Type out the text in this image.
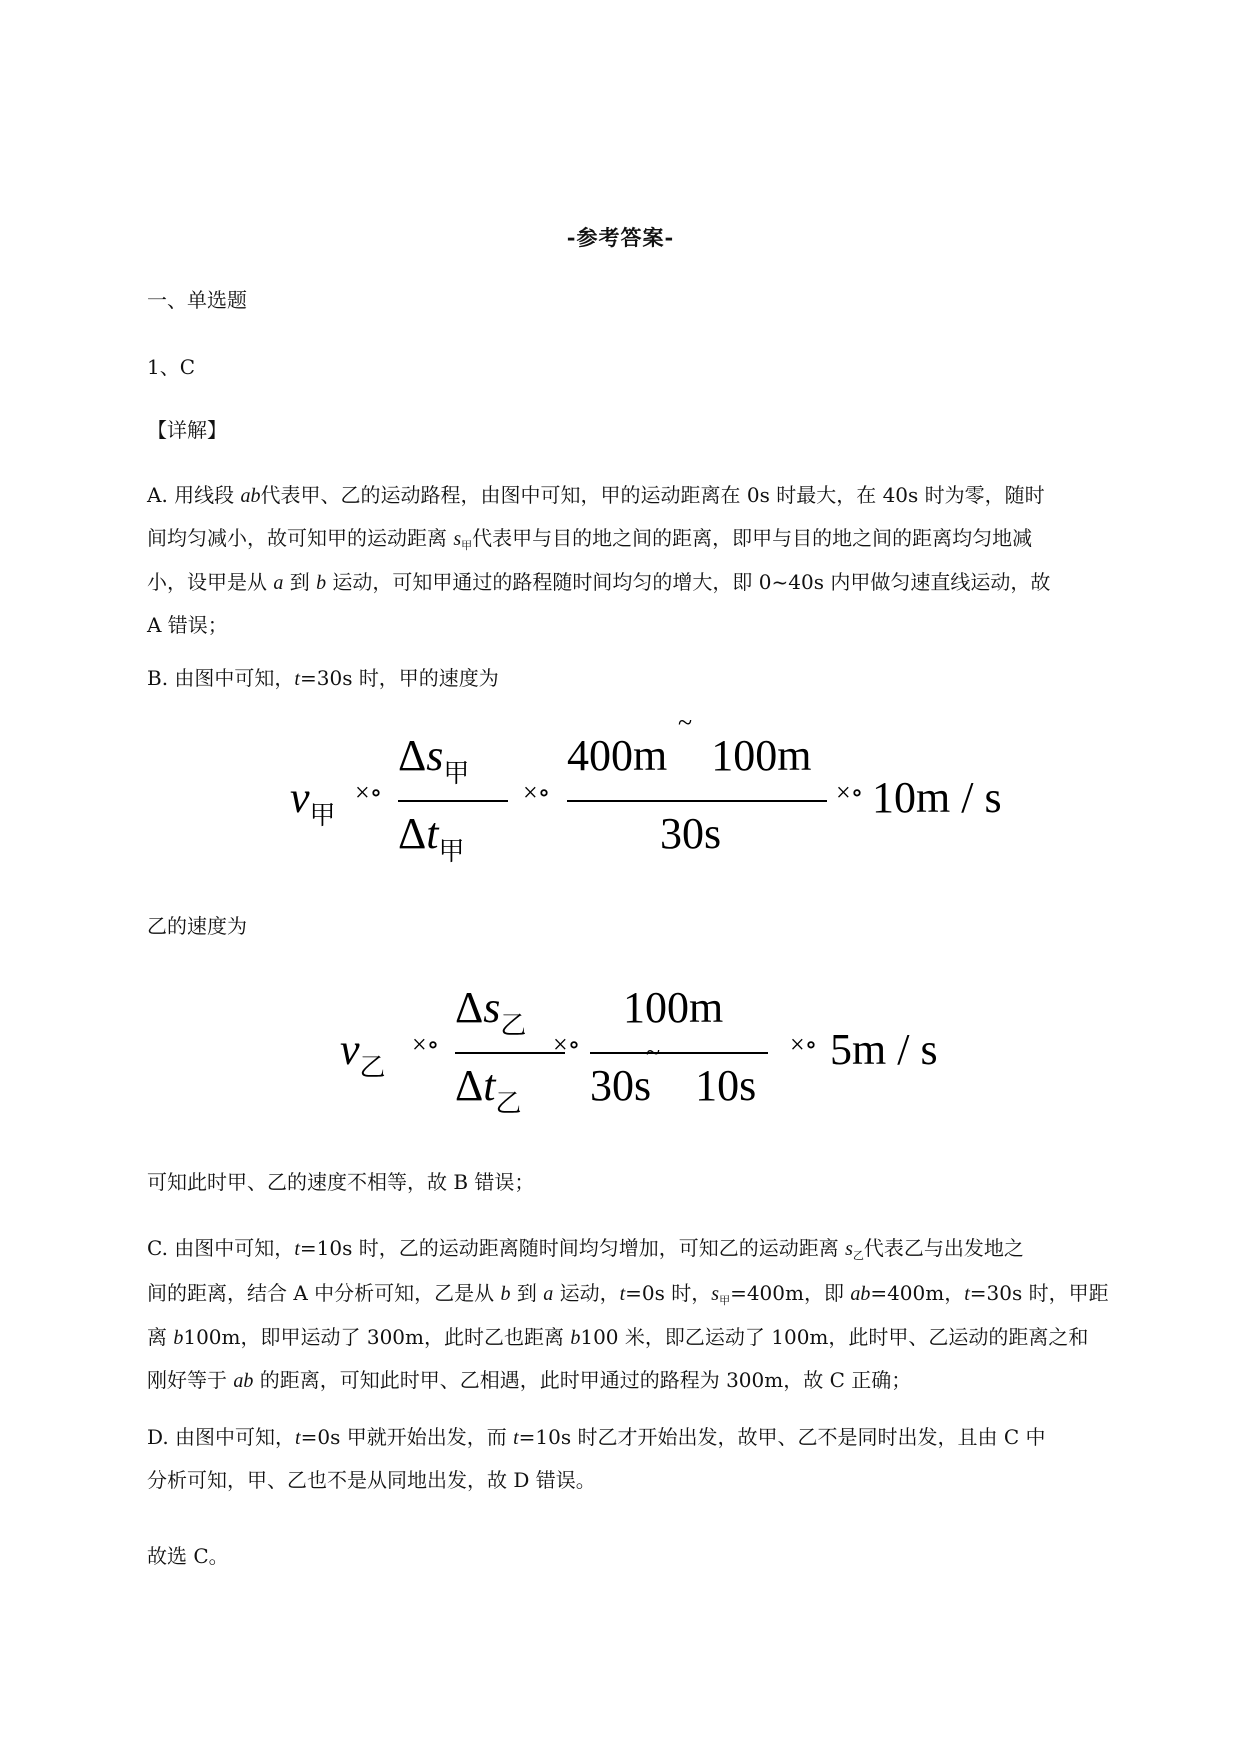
-参考答案-
一、单选题
1、C
【详解】
A. 用线段 ab代表甲、乙的运动路程，由图中可知，甲的运动距离在 0s 时最大，在 40s 时为零，随时
间均匀减小，故可知甲的运动距离 $s_甲$代表甲与目的地之间的距离，即甲与目的地之间的距离均匀地减
小，设甲是从 a 到 b 运动，可知甲通过的路程随时间均匀的增大，即 0~40s 内甲做匀速直线运动，故
A 错误；
B. 由图中可知，t=30s 时，甲的速度为
$v_甲$
×∘
$\Delta s_甲$
$\Delta t_甲$
×∘
400m    100m
~
30s
×∘ 10m / s
乙的速度为
$v_乙$
×∘
$\Delta s_乙$
$\Delta t_乙$
×∘
100m
30s    10s
~	×∘ 5m / s
可知此时甲、乙的速度不相等，故 B 错误；
C. 由图中可知，t=10s 时，乙的运动距离随时间均匀增加，可知乙的运动距离 $s_乙$代表乙与出发地之
间的距离，结合 A 中分析可知，乙是从 b 到 a 运动，t=0s 时，$s_甲=400m$，即 ab=400m，t=30s 时，甲距
离 b100m，即甲运动了 300m，此时乙也距离 b100 米，即乙运动了 100m，此时甲、乙运动的距离之和
刚好等于 ab 的距离，可知此时甲、乙相遇，此时甲通过的路程为 300m，故 C 正确；
D. 由图中可知，t=0s 甲就开始出发，而 t=10s 时乙才开始出发，故甲、乙不是同时出发，且由 C 中
分析可知，甲、乙也不是从同地出发，故 D 错误。
故选 C。
